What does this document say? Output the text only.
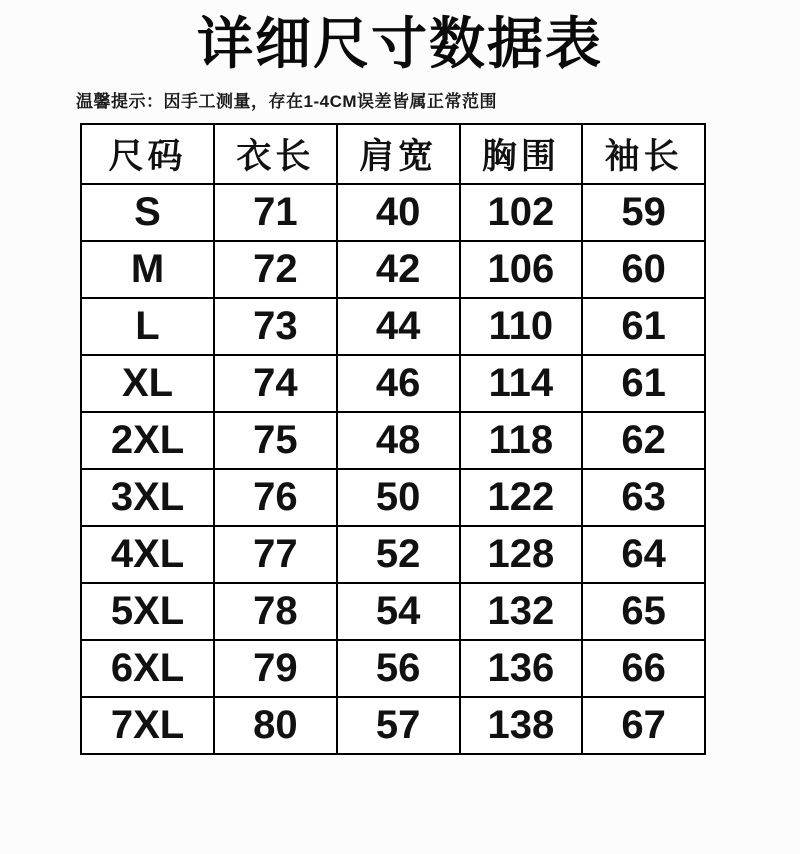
详细尺寸数据表
温馨提示：因手工测量，存在1-4CM误差皆属正常范围
尺码	衣长	肩宽	胸围	袖长
S	71	40	102	59
M	72	42	106	60
L	73	44	110	61
XL	74	46	114	61
2XL	75	48	118	62
3XL	76	50	122	63
4XL	77	52	128	64
5XL	78	54	132	65
6XL	79	56	136	66
7XL	80	57	138	67
